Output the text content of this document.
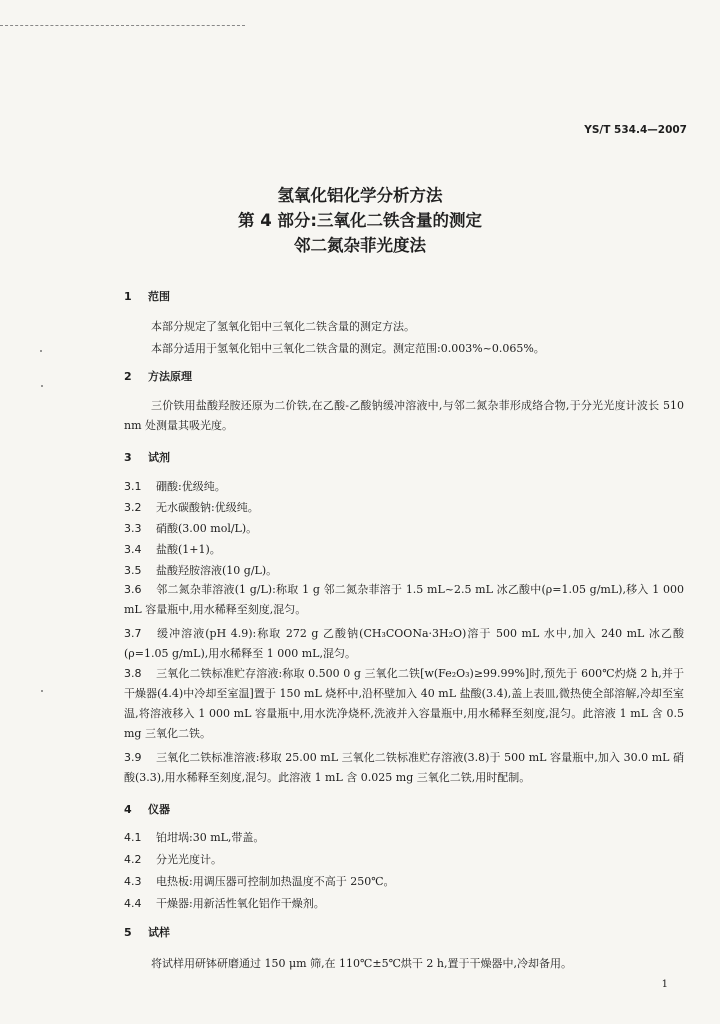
YS/T 534.4—2007
氢氧化铝化学分析方法
第 4 部分:三氧化二铁含量的测定
邻二氮杂菲光度法
1 范围
本部分规定了氢氧化铝中三氧化二铁含量的测定方法。
本部分适用于氢氧化铝中三氧化二铁含量的测定。测定范围:0.003%~0.065%。
2 方法原理
三价铁用盐酸羟胺还原为二价铁,在乙酸-乙酸钠缓冲溶液中,与邻二氮杂菲形成络合物,于分光光度计波长 510 nm 处测量其吸光度。
3 试剂
3.1 硼酸:优级纯。
3.2 无水碳酸钠:优级纯。
3.3 硝酸(3.00 mol/L)。
3.4 盐酸(1+1)。
3.5 盐酸羟胺溶液(10 g/L)。
3.6 邻二氮杂菲溶液(1 g/L):称取 1 g 邻二氮杂菲溶于 1.5 mL~2.5 mL 冰乙酸中(ρ=1.05 g/mL),移入 1 000 mL 容量瓶中,用水稀释至刻度,混匀。
3.7 缓冲溶液(pH 4.9):称取 272 g 乙酸钠(CH₃COONa·3H₂O)溶于 500 mL 水中,加入 240 mL 冰乙酸(ρ=1.05 g/mL),用水稀释至 1 000 mL,混匀。
3.8 三氧化二铁标准贮存溶液:称取 0.500 0 g 三氧化二铁[w(Fe₂O₃)≥99.99%]时,预先于 600℃灼烧 2 h,并于干燥器(4.4)中冷却至室温]置于 150 mL 烧杯中,沿杯壁加入 40 mL 盐酸(3.4),盖上表皿,微热使全部溶解,冷却至室温,将溶液移入 1 000 mL 容量瓶中,用水洗净烧杯,洗液并入容量瓶中,用水稀释至刻度,混匀。此溶液 1 mL 含 0.5 mg 三氧化二铁。
3.9 三氧化二铁标准溶液:移取 25.00 mL 三氧化二铁标准贮存溶液(3.8)于 500 mL 容量瓶中,加入 30.0 mL 硝酸(3.3),用水稀释至刻度,混匀。此溶液 1 mL 含 0.025 mg 三氧化二铁,用时配制。
4 仪器
4.1 铂坩埚:30 mL,带盖。
4.2 分光光度计。
4.3 电热板:用调压器可控制加热温度不高于 250℃。
4.4 干燥器:用新活性氧化铝作干燥剂。
5 试样
将试样用研钵研磨通过 150 μm 筛,在 110℃±5℃烘干 2 h,置于干燥器中,冷却备用。
1
